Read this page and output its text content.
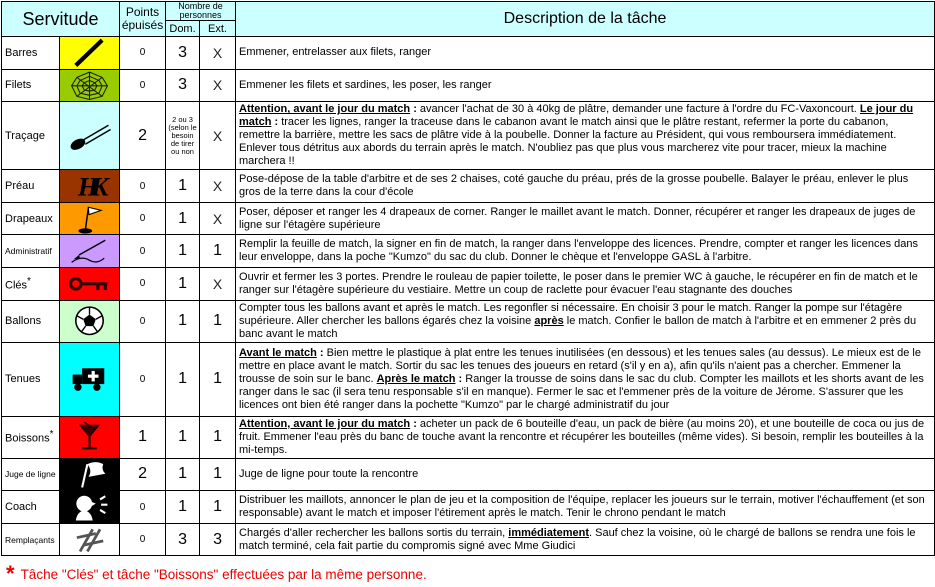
Servitude		Points épuisés	Nombre de personnes		Description de la tâche
			Dom.	Ext.	
Barres		0	3	X	Emmener, entrelasser aux filets, ranger
Filets		0	3	X	Emmener les filets et sardines, les poser, les ranger
Traçage		2	2 ou 3 (selon le besoin de tirer ou non	X	Attention, avant le jour du match : avancer l'achat de 30 à 40kg de plâtre, demander une facture à l'ordre du FC-Vaxoncourt. Le jour du match : tracer les lignes, ranger la traceuse dans le cabanon avant le match ainsi que le plâtre restant, refermer la porte du cabanon, remettre la barrière, mettre les sacs de plâtre vide à la poubelle. Donner la facture au Président, qui vous remboursera immédiatement. Enlever tous détritus aux abords du terrain après le match. N'oubliez pas que plus vous marcherez vite pour tracer, mieux la machine marchera !!
Préau	HK	0	1	X	Pose-dépose de la table d'arbitre et de ses 2 chaises, coté gauche du préau, prés de la grosse poubelle. Balayer le préau, enlever le plus gros de la terre dans la cour d'école
Drapeaux		0	1	X	Poser, déposer et ranger les 4 drapeaux de corner. Ranger le maillet avant le match. Donner, récupérer et ranger les drapeaux de juges de ligne sur l'étagère supérieure
Administratif		0	1	1	Remplir la feuille de match, la signer en fin de match, la ranger dans l'enveloppe des licences. Prendre, compter et ranger les licences dans leur enveloppe, dans la poche "Kumzo" du sac du club. Donner le chèque et l'enveloppe GASL à l'arbitre.
Clés*		0	1	X	Ouvrir et fermer les 3 portes. Prendre le rouleau de papier toilette, le poser dans le premier WC à gauche, le récupérer en fin de match et le ranger sur l'étagère supérieure du vestiaire. Mettre un coup de raclette pour évacuer l'eau stagnante des douches
Ballons		0	1	1	Compter tous les ballons avant et après le match. Les regonfler si nécessaire. En choisir 3 pour le match. Ranger la pompe sur l'étagère supérieure. Aller chercher les ballons égarés chez la voisine après le match. Confier le ballon de match à l'arbitre et en emmener 2 près du banc avant le match
Tenues		0	1	1	Avant le match : Bien mettre le plastique à plat entre les tenues inutilisées (en dessous) et les tenues sales (au dessus). Le mieux est de le mettre en place avant le match. Sortir du sac les tenues des joueurs en retard (s'il y en a), afin qu'ils n'aient pas a chercher. Emmener la trousse de soin sur le banc. Après le match : Ranger la trousse de soins dans le sac du club. Compter les maillots et les shorts avant de les ranger dans le sac (il sera tenu responsable s'il en manque). Fermer le sac et l'emmener près de la voiture de Jérome. S'assurer que les licences ont bien été ranger dans la pochette "Kumzo" par le chargé administratif du jour
Boissons*		1	1	1	Attention, avant le jour du match : acheter un pack de 6 bouteille d'eau, un pack de bière (au moins 20), et une bouteille de coca ou jus de fruit. Emmener l'eau près du banc de touche avant la rencontre et récupérer les bouteilles (même vides). Si besoin, remplir les bouteilles à la mi-temps.
Juge de ligne		2	1	1	Juge de ligne pour toute la rencontre
Coach		0	1	1	Distribuer les maillots, annoncer le plan de jeu et la composition de l'équipe, replacer les joueurs sur le terrain, motiver l'échauffement (et son responsable) avant le match et imposer l'étirement après le match. Tenir le chrono pendant le match
Remplaçants		0	3	3	Chargés d'aller rechercher les ballons sortis du terrain, immédiatement. Sauf chez la voisine, où le chargé de ballons se rendra une fois le match terminé, cela fait partie du compromis signé avec Mme Giudici
* Tâche "Clés" et tâche "Boissons" effectuées par la même personne.
